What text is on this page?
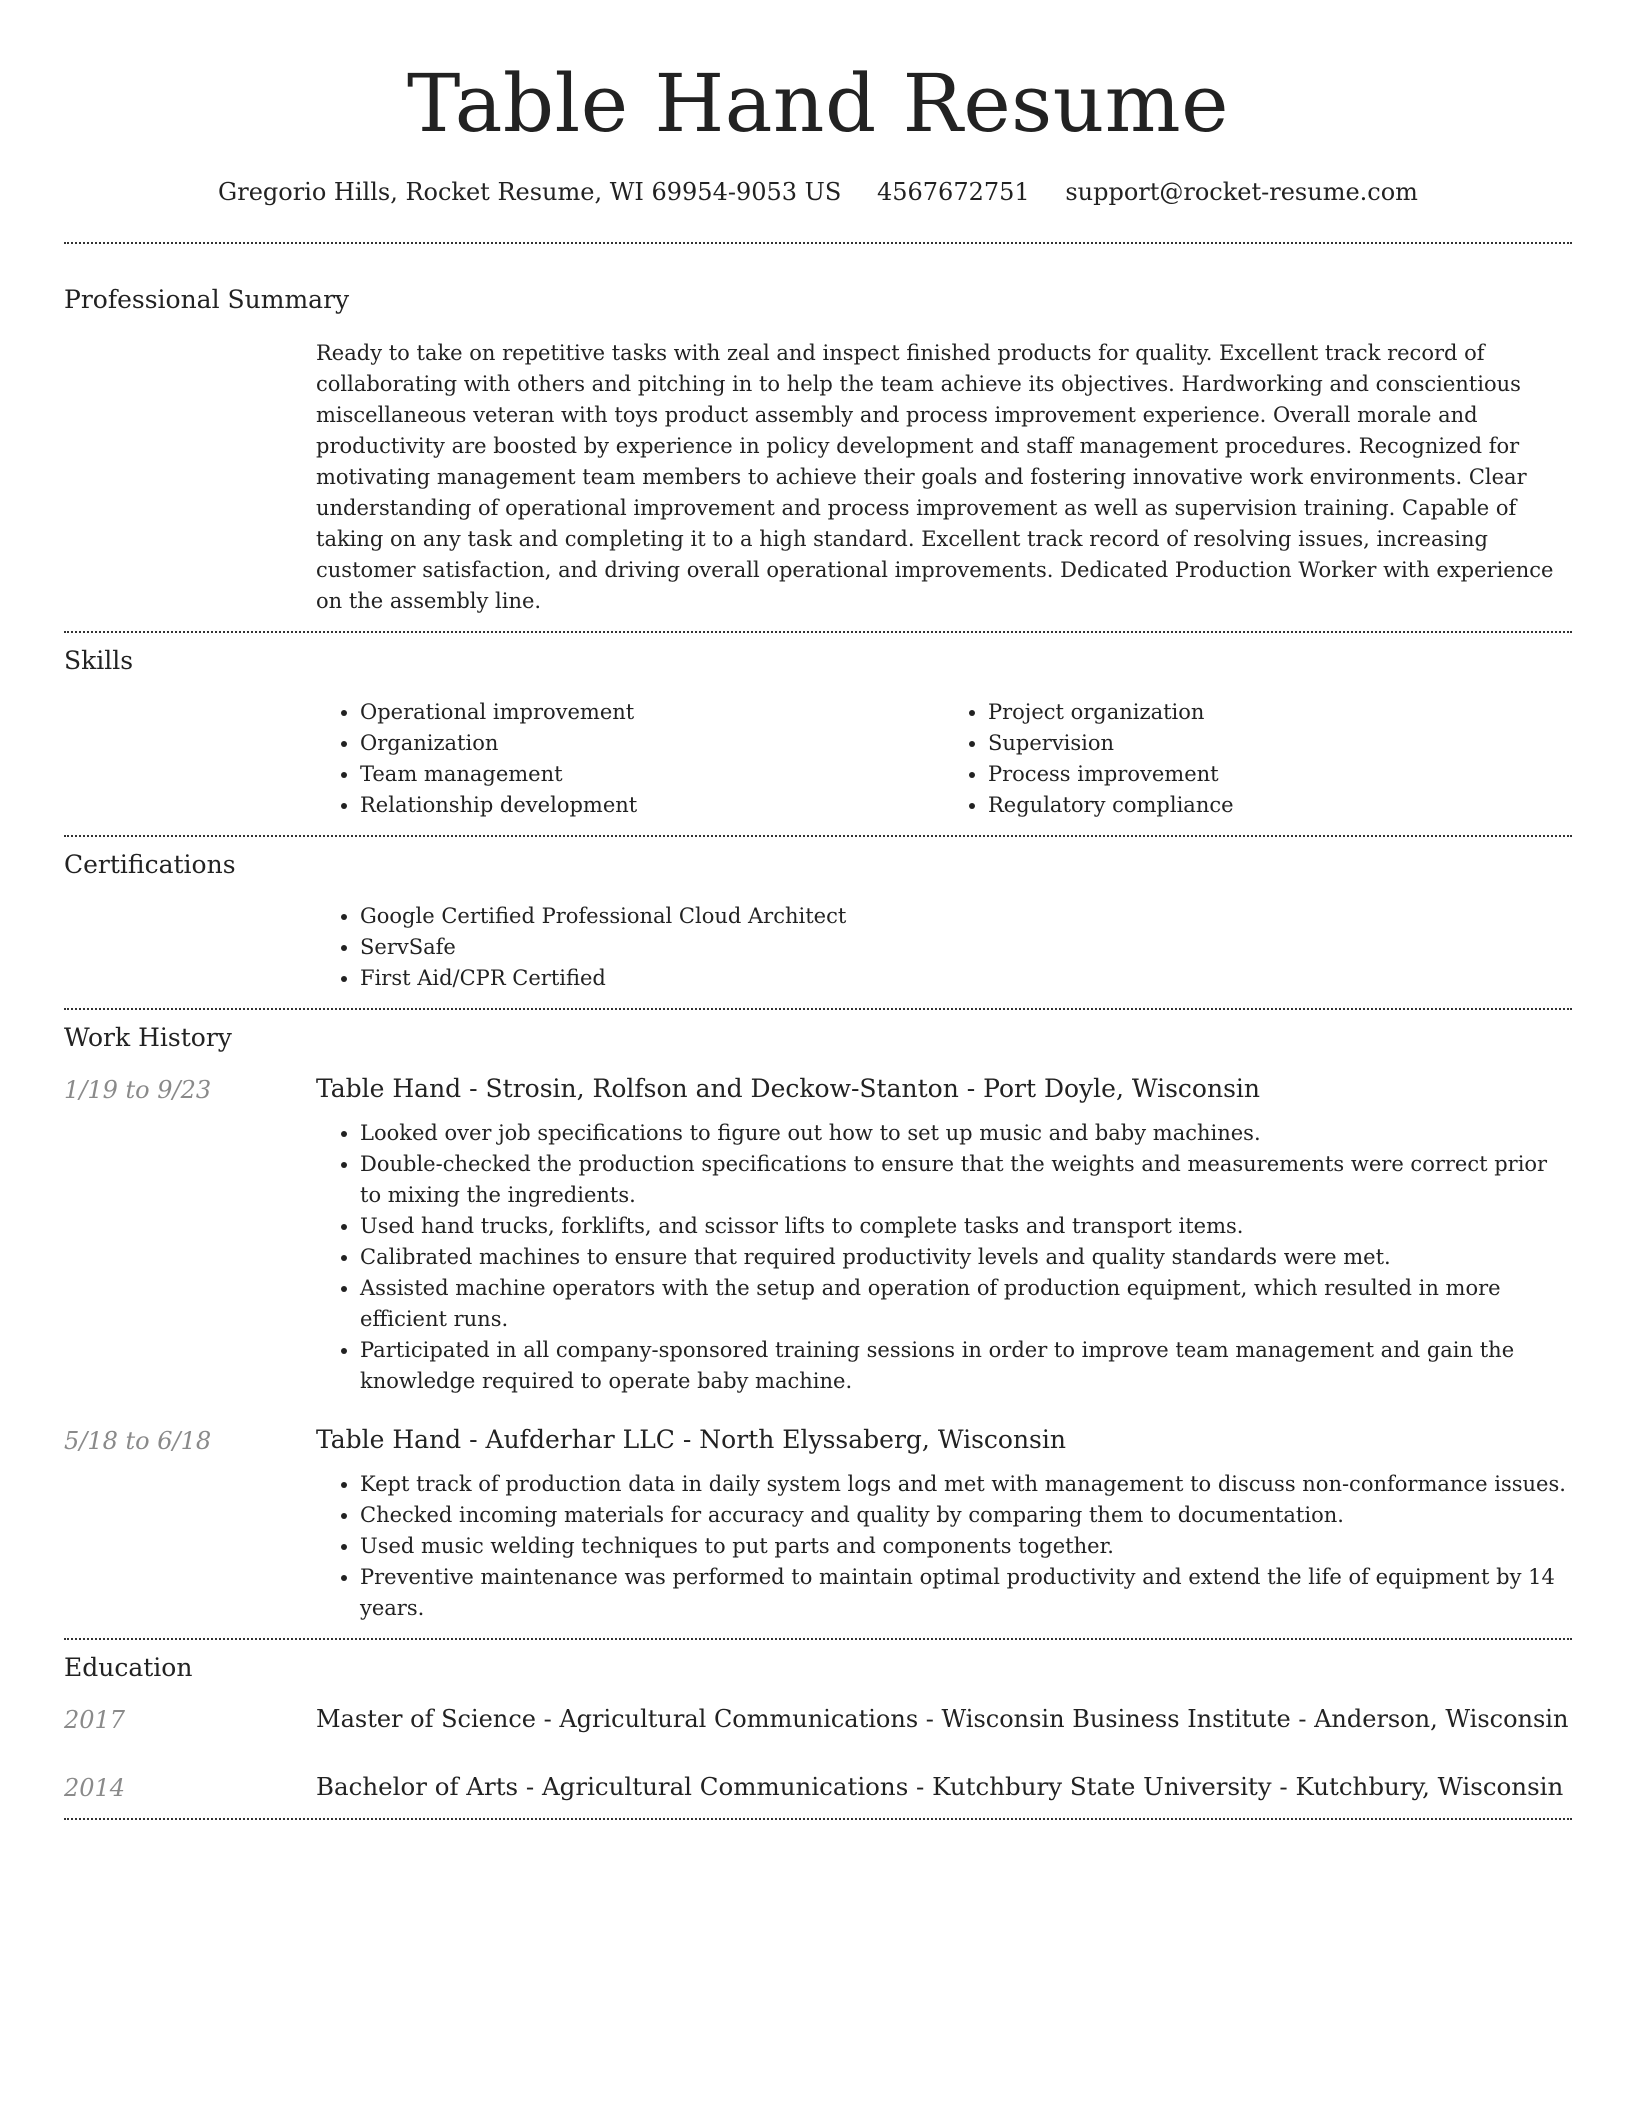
Table Hand Resume
Gregorio Hills, Rocket Resume, WI 69954-9053 US 4567672751 support@rocket-resume.com
Professional Summary
Ready to take on repetitive tasks with zeal and inspect finished products for quality. Excellent track record of collaborating with others and pitching in to help the team achieve its objectives. Hardworking and conscientious miscellaneous veteran with toys product assembly and process improvement experience. Overall morale and productivity are boosted by experience in policy development and staff management procedures. Recognized for motivating management team members to achieve their goals and fostering innovative work environments. Clear understanding of operational improvement and process improvement as well as supervision training. Capable of taking on any task and completing it to a high standard. Excellent track record of resolving issues, increasing customer satisfaction, and driving overall operational improvements. Dedicated Production Worker with experience on the assembly line.
Skills
• Operational improvement
• Organization
• Team management
• Relationship development
• Project organization
• Supervision
• Process improvement
• Regulatory compliance
Certifications
• Google Certified Professional Cloud Architect
• ServSafe
• First Aid/CPR Certified
Work History
1/19 to 9/23	Table Hand - Strosin, Rolfson and Deckow-Stanton - Port Doyle, Wisconsin
• Looked over job specifications to figure out how to set up music and baby machines.
• Double-checked the production specifications to ensure that the weights and measurements were correct prior to mixing the ingredients.
• Used hand trucks, forklifts, and scissor lifts to complete tasks and transport items.
• Calibrated machines to ensure that required productivity levels and quality standards were met.
• Assisted machine operators with the setup and operation of production equipment, which resulted in more efficient runs.
• Participated in all company-sponsored training sessions in order to improve team management and gain the knowledge required to operate baby machine.
5/18 to 6/18	Table Hand - Aufderhar LLC - North Elyssaberg, Wisconsin
• Kept track of production data in daily system logs and met with management to discuss non-conformance issues.
• Checked incoming materials for accuracy and quality by comparing them to documentation.
• Used music welding techniques to put parts and components together.
• Preventive maintenance was performed to maintain optimal productivity and extend the life of equipment by 14 years.
Education
2017	Master of Science - Agricultural Communications - Wisconsin Business Institute - Anderson, Wisconsin
2014	Bachelor of Arts - Agricultural Communications - Kutchbury State University - Kutchbury, Wisconsin
